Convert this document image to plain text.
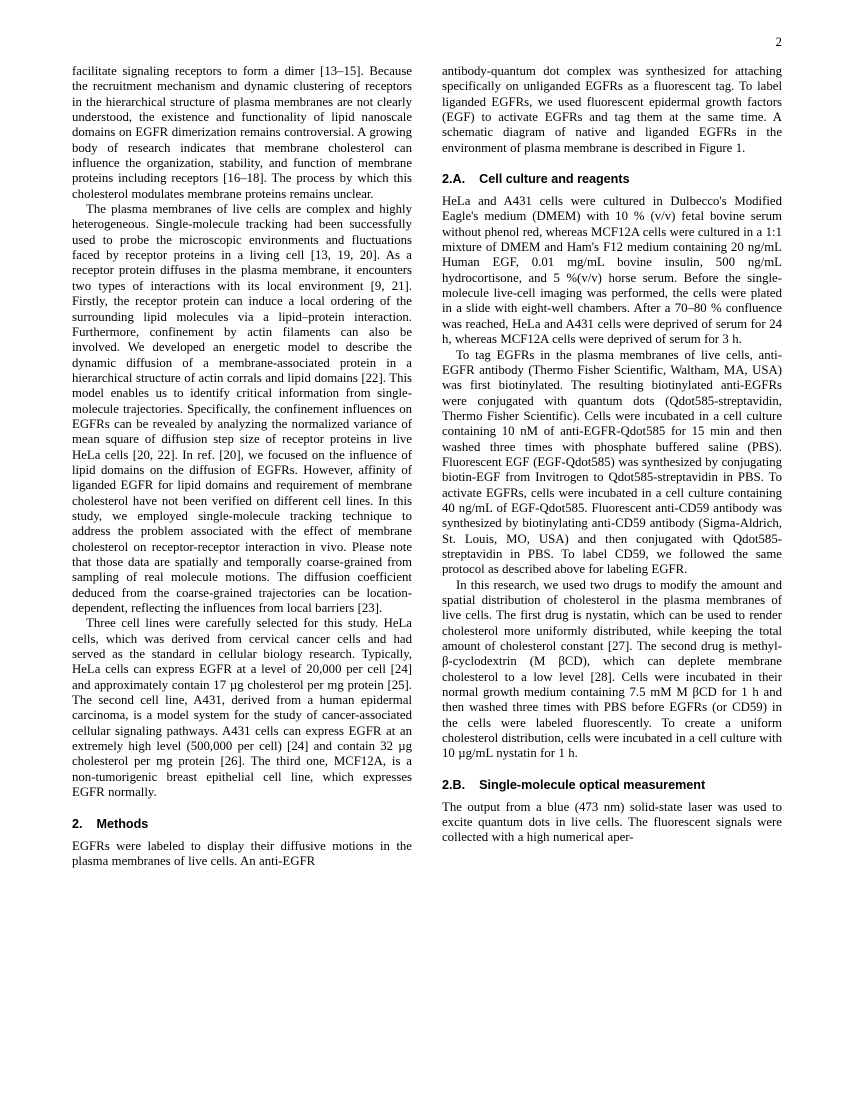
2

facilitate signaling receptors to form a dimer [13–15]. Because the recruitment mechanism and dynamic clustering of receptors in the hierarchical structure of plasma membranes are not clearly understood, the existence and functionality of lipid nanoscale domains on EGFR dimerization remains controversial. A growing body of research indicates that membrane cholesterol can influence the organization, stability, and function of membrane proteins including receptors [16–18]. The process by which this cholesterol modulates membrane proteins remains unclear.

The plasma membranes of live cells are complex and highly heterogeneous. Single-molecule tracking had been successfully used to probe the microscopic environments and fluctuations faced by receptor proteins in a living cell [13, 19, 20]. As a receptor protein diffuses in the plasma membrane, it encounters two types of interactions with its local environment [9, 21]. Firstly, the receptor protein can induce a local ordering of the surrounding lipid molecules via a lipid–protein interaction. Furthermore, confinement by actin filaments can also be involved. We developed an energetic model to describe the dynamic diffusion of a membrane-associated protein in a hierarchical structure of actin corrals and lipid domains [22]. This model enables us to identify critical information from single-molecule trajectories. Specifically, the confinement influences on EGFRs can be revealed by analyzing the normalized variance of mean square of diffusion step size of receptor proteins in live HeLa cells [20, 22]. In ref. [20], we focused on the influence of lipid domains on the diffusion of EGFRs. However, affinity of liganded EGFR for lipid domains and requirement of membrane cholesterol have not been verified on different cell lines. In this study, we employed single-molecule tracking technique to address the problem associated with the effect of membrane cholesterol on receptor-receptor interaction in vivo. Please note that those data are spatially and temporally coarse-grained from sampling of real molecule motions. The diffusion coefficient deduced from the coarse-grained trajectories can be location-dependent, reflecting the influences from local barriers [23].

Three cell lines were carefully selected for this study. HeLa cells, which was derived from cervical cancer cells and had served as the standard in cellular biology research. Typically, HeLa cells can express EGFR at a level of 20,000 per cell [24] and approximately contain 17 µg cholesterol per mg protein [25]. The second cell line, A431, derived from a human epidermal carcinoma, is a model system for the study of cancer-associated cellular signaling pathways. A431 cells can express EGFR at an extremely high level (500,000 per cell) [24] and contain 32 µg cholesterol per mg protein [26]. The third one, MCF12A, is a non-tumorigenic breast epithelial cell line, which expresses EGFR normally.

2. Methods

EGFRs were labeled to display their diffusive motions in the plasma membranes of live cells. An anti-EGFR

antibody-quantum dot complex was synthesized for attaching specifically on unliganded EGFRs as a fluorescent tag. To label liganded EGFRs, we used fluorescent epidermal growth factors (EGF) to activate EGFRs and tag them at the same time. A schematic diagram of native and liganded EGFRs in the environment of plasma membrane is described in Figure 1.

2.A. Cell culture and reagents

HeLa and A431 cells were cultured in Dulbecco's Modified Eagle's medium (DMEM) with 10 % (v/v) fetal bovine serum without phenol red, whereas MCF12A cells were cultured in a 1:1 mixture of DMEM and Ham's F12 medium containing 20 ng/mL Human EGF, 0.01 mg/mL bovine insulin, 500 ng/mL hydrocortisone, and 5 %(v/v) horse serum. Before the single-molecule live-cell imaging was performed, the cells were plated in a slide with eight-well chambers. After a 70–80 % confluence was reached, HeLa and A431 cells were deprived of serum for 24 h, whereas MCF12A cells were deprived of serum for 3 h.

To tag EGFRs in the plasma membranes of live cells, anti-EGFR antibody (Thermo Fisher Scientific, Waltham, MA, USA) was first biotinylated. The resulting biotinylated anti-EGFRs were conjugated with quantum dots (Qdot585-streptavidin, Thermo Fisher Scientific). Cells were incubated in a cell culture containing 10 nM of anti-EGFR-Qdot585 for 15 min and then washed three times with phosphate buffered saline (PBS). Fluorescent EGF (EGF-Qdot585) was synthesized by conjugating biotin-EGF from Invitrogen to Qdot585-streptavidin in PBS. To activate EGFRs, cells were incubated in a cell culture containing 40 ng/mL of EGF-Qdot585. Fluorescent anti-CD59 antibody was synthesized by biotinylating anti-CD59 antibody (Sigma-Aldrich, St. Louis, MO, USA) and then conjugated with Qdot585-streptavidin in PBS. To label CD59, we followed the same protocol as described above for labeling EGFR.

In this research, we used two drugs to modify the amount and spatial distribution of cholesterol in the plasma membranes of live cells. The first drug is nystatin, which can be used to render cholesterol more uniformly distributed, while keeping the total amount of cholesterol constant [27]. The second drug is methyl-β-cyclodextrin (M βCD), which can deplete membrane cholesterol to a low level [28]. Cells were incubated in their normal growth medium containing 7.5 mM M βCD for 1 h and then washed three times with PBS before EGFRs (or CD59) in the cells were labeled fluorescently. To create a uniform cholesterol distribution, cells were incubated in a cell culture with 10 µg/mL nystatin for 1 h.

2.B. Single-molecule optical measurement

The output from a blue (473 nm) solid-state laser was used to excite quantum dots in live cells. The fluorescent signals were collected with a high numerical aper-
